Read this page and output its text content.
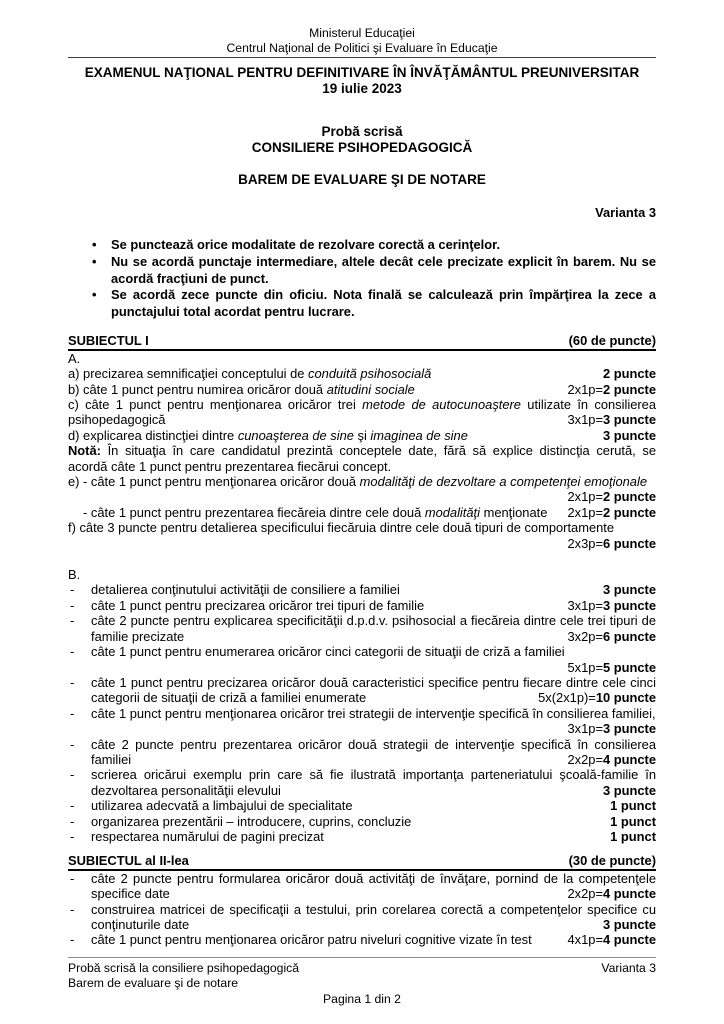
Ministerul Educaţiei
Centrul Naţional de Politici şi Evaluare în Educaţie
EXAMENUL NAŢIONAL PENTRU DEFINITIVARE ÎN ÎNVĂŢĂMÂNTUL PREUNIVERSITAR
19 iulie 2023
Probă scrisă
CONSILIERE PSIHOPEDAGOGICĂ
BAREM DE EVALUARE ŞI DE NOTARE
Varianta 3
• Se punctează orice modalitate de rezolvare corectă a cerinţelor.
• Nu se acordă punctaje intermediare, altele decât cele precizate explicit în barem. Nu se acordă fracţiuni de punct.
• Se acordă zece puncte din oficiu. Nota finală se calculează prin împărţirea la zece a punctajului total acordat pentru lucrare.
SUBIECTUL I	(60 de puncte)
A.

a) precizarea semnificaţiei conceptului de conduită psihosocială	2 puncte

b) câte 1 punct pentru numirea oricăror două atitudini sociale	2x1p=2 puncte

c) câte 1 punct pentru menţionarea oricăror trei metode de autocunoaştere utilizate în consilierea psihopedagogică	3x1p=3 puncte

d) explicarea distincţiei dintre cunoaşterea de sine şi imaginea de sine	3 puncte

Notă: În situaţia în care candidatul prezintă conceptele date, fără să explice distincţia cerută, se acordă câte 1 punct pentru prezentarea fiecărui concept.

e) - câte 1 punct pentru menţionarea oricăror două modalităţi de dezvoltare a competenţei emoţionale
2x1p=2 puncte

- câte 1 punct pentru prezentarea fiecăreia dintre cele două modalităţi menţionate 2x1p=2 puncte

f) câte 3 puncte pentru detalierea specificului fiecăruia dintre cele două tipuri de comportamente
2x3p=6 puncte

B.

- detalierea conţinutului activităţii de consiliere a familiei	3 puncte

- câte 1 punct pentru precizarea oricăror trei tipuri de familie	3x1p=3 puncte

- câte 2 puncte pentru explicarea specificităţii d.p.d.v. psihosocial a fiecăreia dintre cele trei tipuri de familie precizate	3x2p=6 puncte

- câte 1 punct pentru enumerarea oricăror cinci categorii de situaţii de criză a familiei
5x1p=5 puncte

- câte 1 punct pentru precizarea oricăror două caracteristici specifice pentru fiecare dintre cele cinci categorii de situaţii de criză a familiei enumerate	5x(2x1p)=10 puncte

- câte 1 punct pentru menţionarea oricăror trei strategii de intervenţie specifică în consilierea familiei,
3x1p=3 puncte

- câte 2 puncte pentru prezentarea oricăror două strategii de intervenţie specifică în consilierea familiei	2x2p=4 puncte

- scrierea oricărui exemplu prin care să fie ilustrată importanţa parteneriatului şcoală-familie în dezvoltarea personalităţii elevului	3 puncte

- utilizarea adecvată a limbajului de specialitate	1 punct

- organizarea prezentării – introducere, cuprins, concluzie	1 punct

- respectarea numărului de pagini precizat	1 punct

SUBIECTUL al II-lea	(30 de puncte)

- câte 2 puncte pentru formularea oricăror două activităţi de învăţare, pornind de la competenţele specifice date	2x2p=4 puncte

- construirea matricei de specificaţii a testului, prin corelarea corectă a competenţelor specifice cu conţinuturile date	3 puncte

- câte 1 punct pentru menţionarea oricăror patru niveluri cognitive vizate în test	4x1p=4 puncte

Probă scrisă la consiliere psihopedagogică	Varianta 3
Barem de evaluare şi de notare
Pagina 1 din 2
